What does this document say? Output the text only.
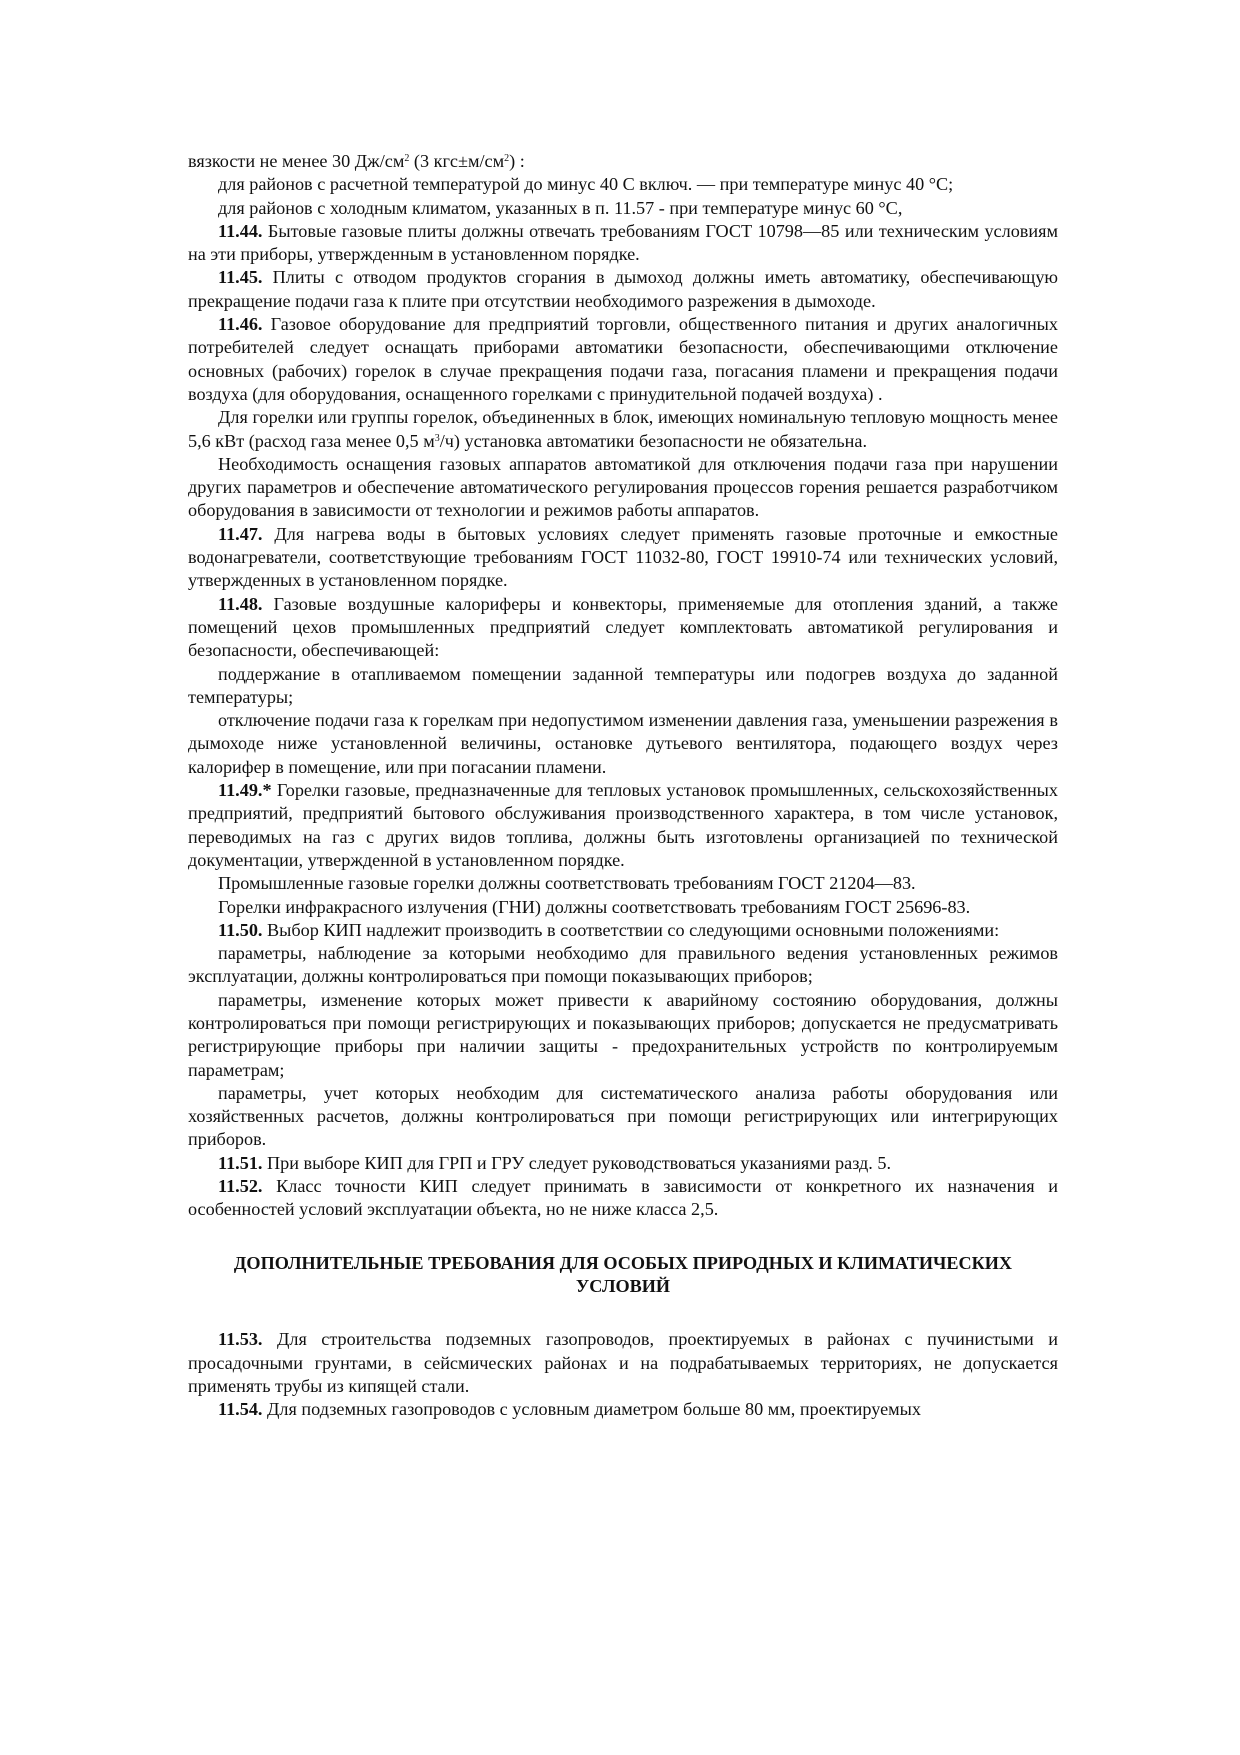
вязкости не менее 30 $Дж/см^2$ (3 $кгс\pm м/см^2$) :

для районов с расчетной температурой до минус 40 С включ. — при температуре минус 40 °С;

для районов с холодным климатом, указанных в п. 11.57 - при температуре минус 60 °С,

11.44. Бытовые газовые плиты должны отвечать требованиям ГОСТ 10798—85 или техническим условиям на эти приборы, утвержденным в установленном порядке.

11.45. Плиты с отводом продуктов сгорания в дымоход должны иметь автоматику, обеспечивающую прекращение подачи газа к плите при отсутствии необходимого разрежения в дымоходе.

11.46. Газовое оборудование для предприятий торговли, общественного питания и других аналогичных потребителей следует оснащать приборами автоматики безопасности, обеспечивающими отключение основных (рабочих) горелок в случае прекращения подачи газа, погасания пламени и прекращения подачи воздуха (для оборудования, оснащенного горелками с принудительной подачей воздуха) .

Для горелки или группы горелок, объединенных в блок, имеющих номинальную тепловую мощность менее 5,6 кВт (расход газа менее 0,5 $м^3/ч$) установка автоматики безопасности не обязательна.

Необходимость оснащения газовых аппаратов автоматикой для отключения подачи газа при нарушении других параметров и обеспечение автоматического регулирования процессов горения решается разработчиком оборудования в зависимости от технологии и режимов работы аппаратов.

11.47. Для нагрева воды в бытовых условиях следует применять газовые проточные и емкостные водонагреватели, соответствующие требованиям ГОСТ 11032-80, ГОСТ 19910-74 или технических условий, утвержденных в установленном порядке.

11.48. Газовые воздушные калориферы и конвекторы, применяемые для отопления зданий, а также помещений цехов промышленных предприятий следует комплектовать автоматикой регулирования и безопасности, обеспечивающей:

поддержание в отапливаемом помещении заданной температуры или подогрев воздуха до заданной температуры;

отключение подачи газа к горелкам при недопустимом изменении давления газа, уменьшении разрежения в дымоходе ниже установленной величины, остановке дутьевого вентилятора, подающего воздух через калорифер в помещение, или при погасании пламени.

11.49.* Горелки газовые, предназначенные для тепловых установок промышленных, сельскохозяйственных предприятий, предприятий бытового обслуживания производственного характера, в том числе установок, переводимых на газ с других видов топлива, должны быть изготовлены организацией по технической документации, утвержденной в установленном порядке.

Промышленные газовые горелки должны соответствовать требованиям ГОСТ 21204—83.

Горелки инфракрасного излучения (ГНИ) должны соответствовать требованиям ГОСТ 25696-83.

11.50. Выбор КИП надлежит производить в соответствии со следующими основными положениями:

параметры, наблюдение за которыми необходимо для правильного ведения установленных режимов эксплуатации, должны контролироваться при помощи показывающих приборов;

параметры, изменение которых может привести к аварийному состоянию оборудования, должны контролироваться при помощи регистрирующих и показывающих приборов; допускается не предусматривать регистрирующие приборы при наличии защиты - предохранительных устройств по контролируемым параметрам;

параметры, учет которых необходим для систематического анализа работы оборудования или хозяйственных расчетов, должны контролироваться при помощи регистрирующих или интегрирующих приборов.

11.51. При выборе КИП для ГРП и ГРУ следует руководствоваться указаниями разд. 5.

11.52. Класс точности КИП следует принимать в зависимости от конкретного их назначения и особенностей условий эксплуатации объекта, но не ниже класса 2,5.

ДОПОЛНИТЕЛЬНЫЕ ТРЕБОВАНИЯ ДЛЯ ОСОБЫХ ПРИРОДНЫХ И КЛИМАТИЧЕСКИХ УСЛОВИЙ

11.53. Для строительства подземных газопроводов, проектируемых в районах с пучинистыми и просадочными грунтами, в сейсмических районах и на подрабатываемых территориях, не допускается применять трубы из кипящей стали.

11.54. Для подземных газопроводов с условным диаметром больше 80 мм, проектируемых
